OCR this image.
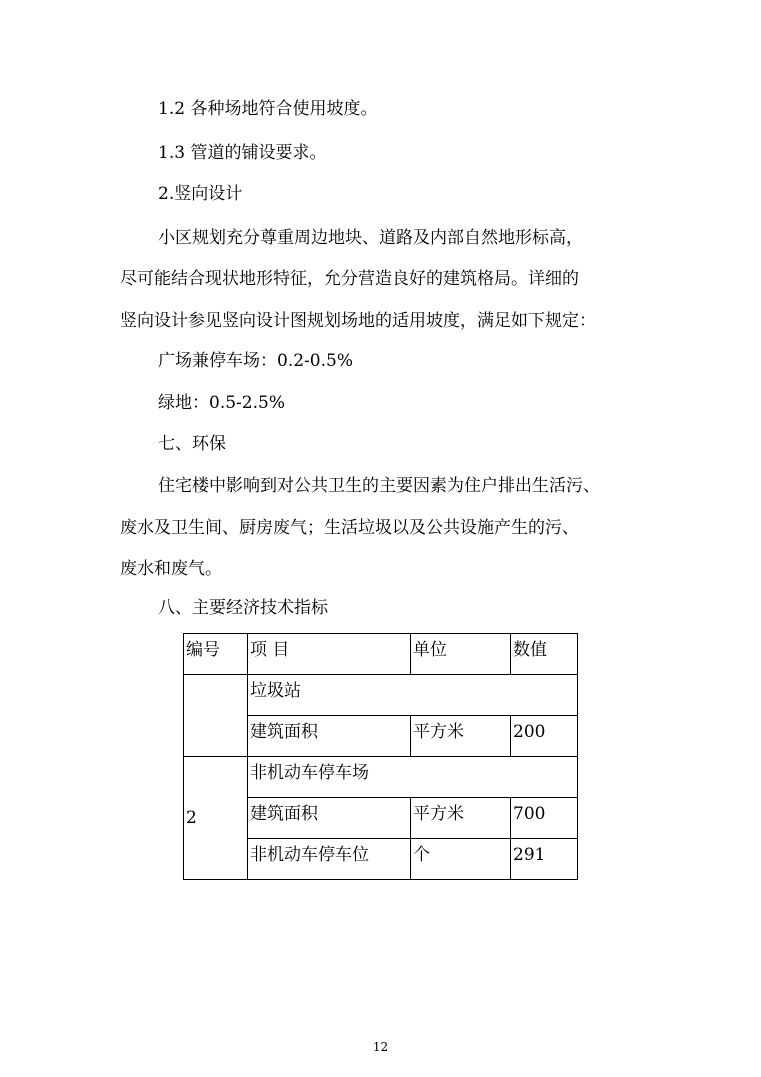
1.2 各种场地符合使用坡度。
1.3 管道的铺设要求。
2.竖向设计
小区规划充分尊重周边地块、道路及内部自然地形标高，
尽可能结合现状地形特征，允分营造良好的建筑格局。详细的
竖向设计参见竖向设计图规划场地的适用坡度，满足如下规定：
广场兼停车场：0.2-0.5%
绿地：0.5-2.5%
七、环保
住宅楼中影响到对公共卫生的主要因素为住户排出生活污、
废水及卫生间、厨房废气；生活垃圾以及公共设施产生的污、
废水和废气。
八、主要经济技术指标
编号	项 目	单位	数值
	垃圾站		
	建筑面积	平方米	200
2	非机动车停车场		
	建筑面积	平方米	700
	非机动车停车位	个	291
12
